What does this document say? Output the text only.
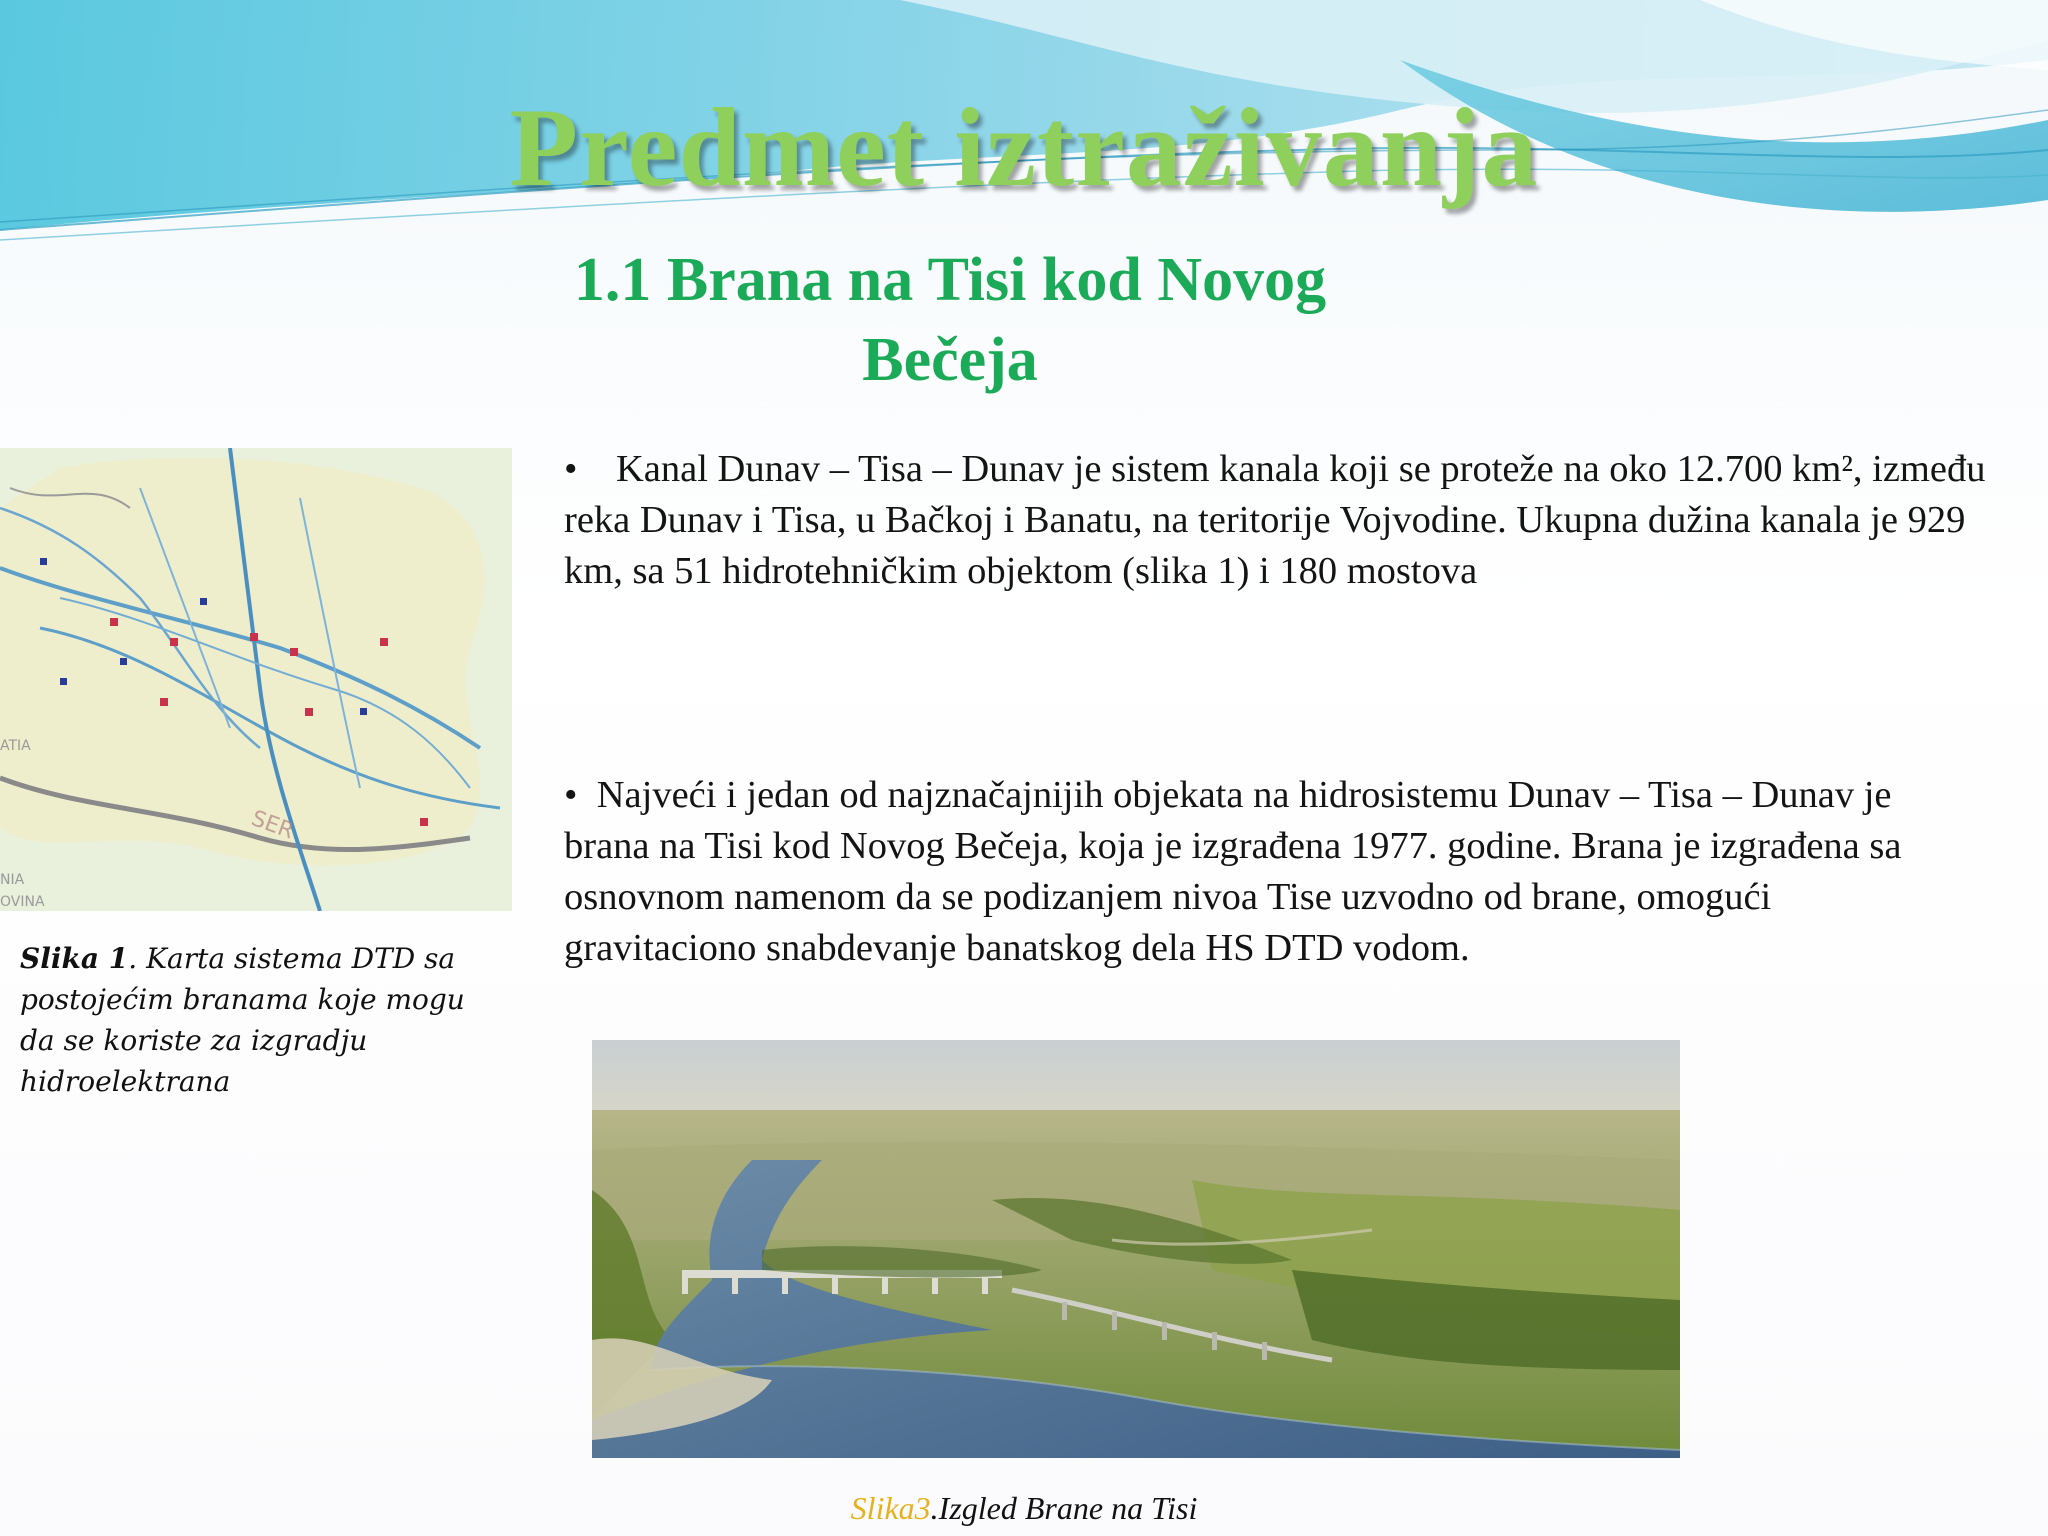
Predmet iztraživanja
1.1 Brana na Tisi kod Novog
Bečeja
ATIA
NIA
OVINA
SER
Slika 1. Karta sistema DTD sa postojećim branama koje mogu da se koriste za izgradju hidroelektrana
• Kanal Dunav – Tisa – Dunav je sistem kanala koji se proteže na oko 12.700 km², između reka Dunav i Tisa, u Bačkoj i Banatu, na teritorije Vojvodine. Ukupna dužina kanala je 929 km, sa 51 hidrotehničkim objektom (slika 1) i 180 mostova
• Najveći i jedan od najznačajnijih objekata na hidrosistemu Dunav – Tisa – Dunav je brana na Tisi kod Novog Bečeja, koja je izgrađena 1977. godine. Brana je izgrađena sa osnovnom namenom da se podizanjem nivoa Tise uzvodno od brane, omogući gravitaciono snabdevanje banatskog dela HS DTD vodom.
Slika3.Izgled Brane na Tisi
